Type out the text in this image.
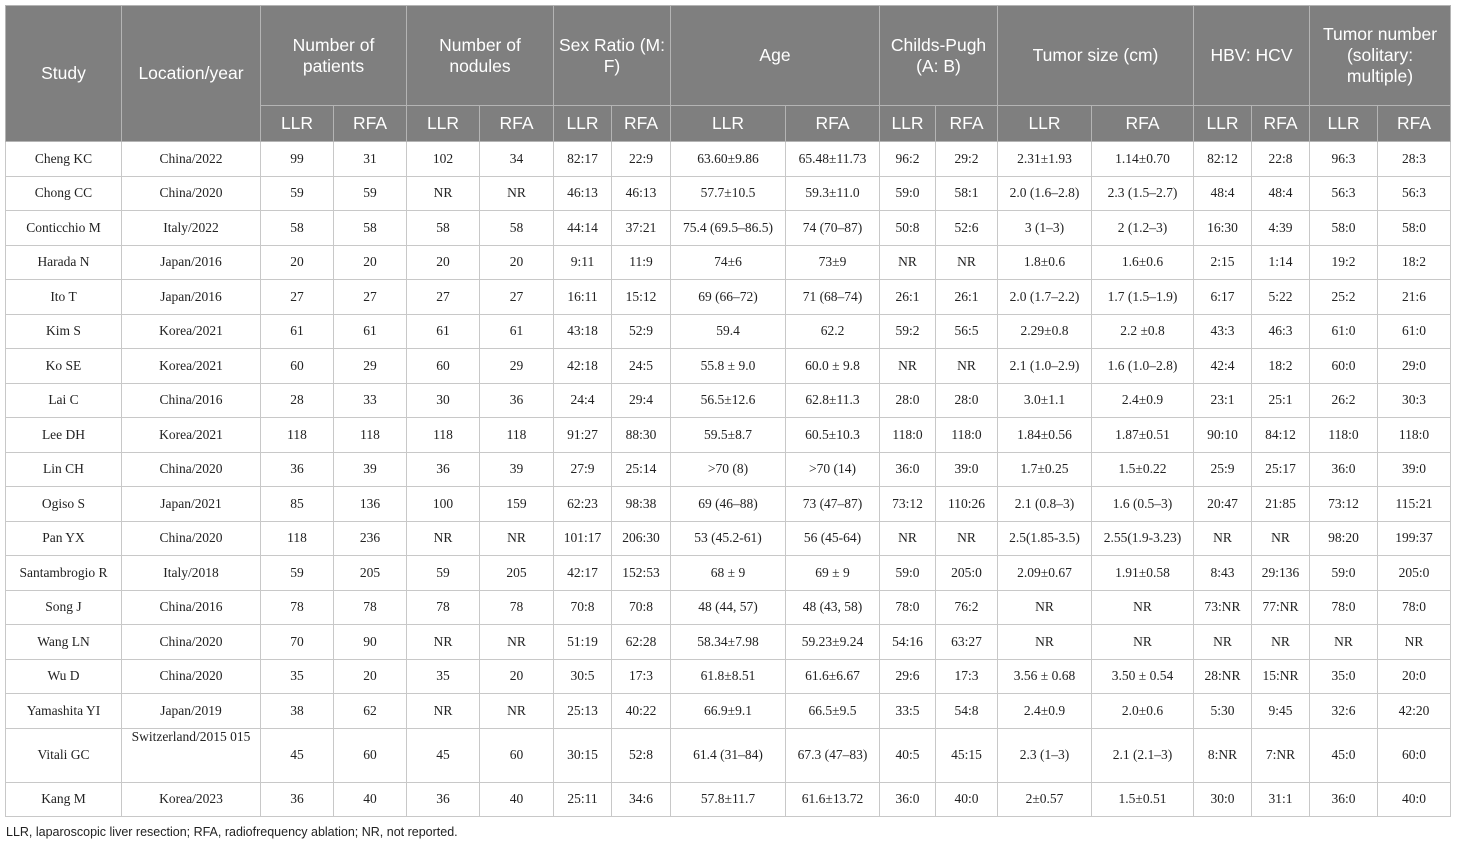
Study	Location/year	Number of patients		Number of nodules		Sex Ratio (M: F)		Age		Childs-Pugh (A: B)		Tumor size (cm)		HBV: HCV		Tumor number (solitary: multiple)	
		LLR	RFA	LLR	RFA	LLR	RFA	LLR	RFA	LLR	RFA	LLR	RFA	LLR	RFA	LLR	RFA
Cheng KC	China/2022	99	31	102	34	82:17	22:9	63.60±9.86	65.48±11.73	96:2	29:2	2.31±1.93	1.14±0.70	82:12	22:8	96:3	28:3
Chong CC	China/2020	59	59	NR	NR	46:13	46:13	57.7±10.5	59.3±11.0	59:0	58:1	2.0 (1.6–2.8)	2.3 (1.5–2.7)	48:4	48:4	56:3	56:3
Conticchio M	Italy/2022	58	58	58	58	44:14	37:21	75.4 (69.5–86.5)	74 (70–87)	50:8	52:6	3 (1–3)	2 (1.2–3)	16:30	4:39	58:0	58:0
Harada N	Japan/2016	20	20	20	20	9:11	11:9	74±6	73±9	NR	NR	1.8±0.6	1.6±0.6	2:15	1:14	19:2	18:2
Ito T	Japan/2016	27	27	27	27	16:11	15:12	69 (66–72)	71 (68–74)	26:1	26:1	2.0 (1.7–2.2)	1.7 (1.5–1.9)	6:17	5:22	25:2	21:6
Kim S	Korea/2021	61	61	61	61	43:18	52:9	59.4	62.2	59:2	56:5	2.29±0.8	2.2 ±0.8	43:3	46:3	61:0	61:0
Ko SE	Korea/2021	60	29	60	29	42:18	24:5	55.8 ± 9.0	60.0 ± 9.8	NR	NR	2.1 (1.0–2.9)	1.6 (1.0–2.8)	42:4	18:2	60:0	29:0
Lai C	China/2016	28	33	30	36	24:4	29:4	56.5±12.6	62.8±11.3	28:0	28:0	3.0±1.1	2.4±0.9	23:1	25:1	26:2	30:3
Lee DH	Korea/2021	118	118	118	118	91:27	88:30	59.5±8.7	60.5±10.3	118:0	118:0	1.84±0.56	1.87±0.51	90:10	84:12	118:0	118:0
Lin CH	China/2020	36	39	36	39	27:9	25:14	>70 (8)	>70 (14)	36:0	39:0	1.7±0.25	1.5±0.22	25:9	25:17	36:0	39:0
Ogiso S	Japan/2021	85	136	100	159	62:23	98:38	69 (46–88)	73 (47–87)	73:12	110:26	2.1 (0.8–3)	1.6 (0.5–3)	20:47	21:85	73:12	115:21
Pan YX	China/2020	118	236	NR	NR	101:17	206:30	53 (45.2-61)	56 (45-64)	NR	NR	2.5(1.85-3.5)	2.55(1.9-3.23)	NR	NR	98:20	199:37
Santambrogio R	Italy/2018	59	205	59	205	42:17	152:53	68 ± 9	69 ± 9	59:0	205:0	2.09±0.67	1.91±0.58	8:43	29:136	59:0	205:0
Song J	China/2016	78	78	78	78	70:8	70:8	48 (44, 57)	48 (43, 58)	78:0	76:2	NR	NR	73:NR	77:NR	78:0	78:0
Wang LN	China/2020	70	90	NR	NR	51:19	62:28	58.34±7.98	59.23±9.24	54:16	63:27	NR	NR	NR	NR	NR	NR
Wu D	China/2020	35	20	35	20	30:5	17:3	61.8±8.51	61.6±6.67	29:6	17:3	3.56 ± 0.68	3.50 ± 0.54	28:NR	15:NR	35:0	20:0
Yamashita YI	Japan/2019	38	62	NR	NR	25:13	40:22	66.9±9.1	66.5±9.5	33:5	54:8	2.4±0.9	2.0±0.6	5:30	9:45	32:6	42:20
Vitali GC	Switzerland/2015 015	45	60	45	60	30:15	52:8	61.4 (31–84)	67.3 (47–83)	40:5	45:15	2.3 (1–3)	2.1 (2.1–3)	8:NR	7:NR	45:0	60:0
Kang M	Korea/2023	36	40	36	40	25:11	34:6	57.8±11.7	61.6±13.72	36:0	40:0	2±0.57	1.5±0.51	30:0	31:1	36:0	40:0
LLR, laparoscopic liver resection; RFA, radiofrequency ablation; NR, not reported.
